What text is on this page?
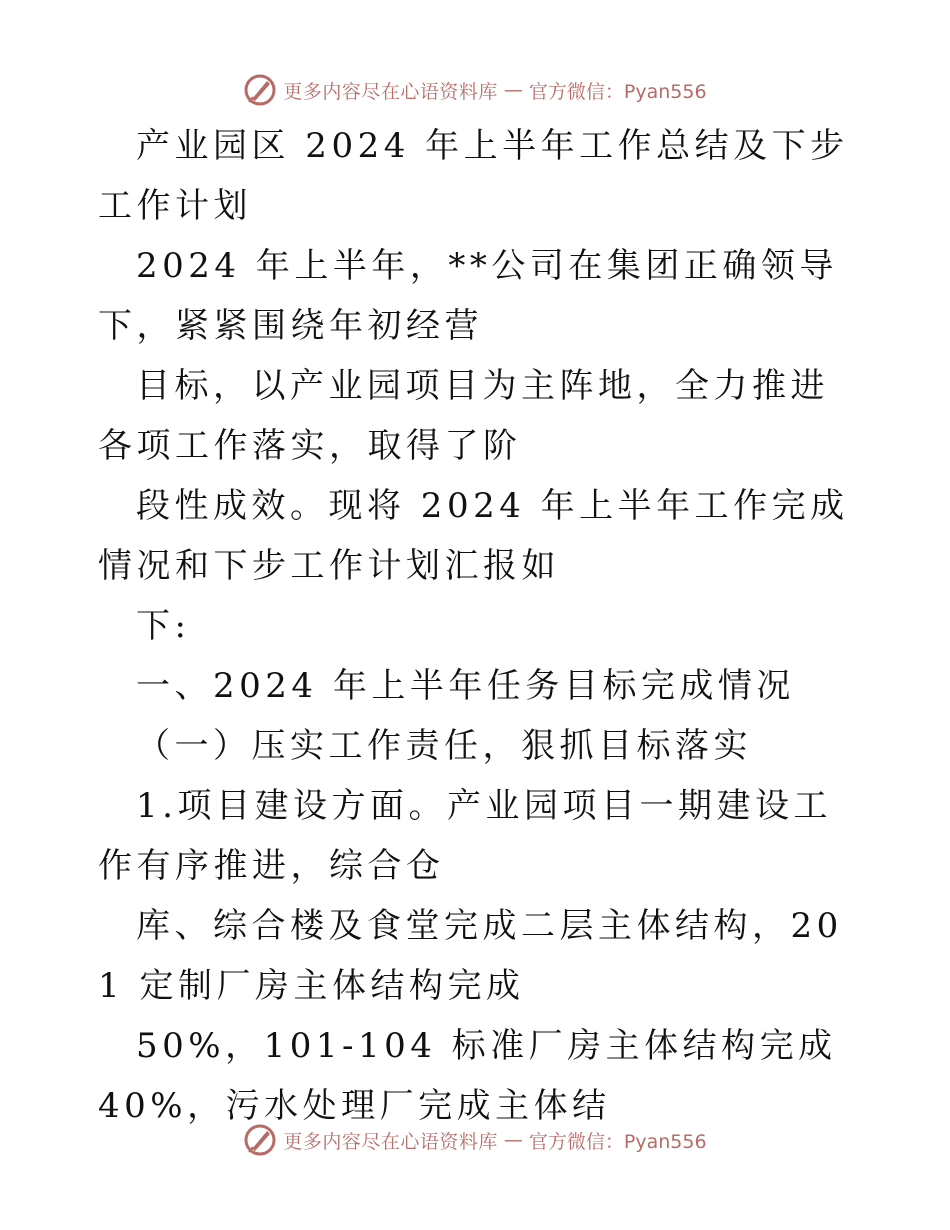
更多内容尽在心语资料库 — 官方微信：Pyan556

产业园区 2024 年上半年工作总结及下步工作计划

2024 年上半年，**公司在集团正确领导下，紧紧围绕年初经营

目标，以产业园项目为主阵地，全力推进各项工作落实，取得了阶

段性成效。现将 2024 年上半年工作完成情况和下步工作计划汇报如

下:

一、2024 年上半年任务目标完成情况

（一）压实工作责任，狠抓目标落实

1.项目建设方面。产业园项目一期建设工作有序推进，综合仓

库、综合楼及食堂完成二层主体结构，201 定制厂房主体结构完成

50%，101-104 标准厂房主体结构完成 40%，污水处理厂完成主体结

更多内容尽在心语资料库 — 官方微信：Pyan556
